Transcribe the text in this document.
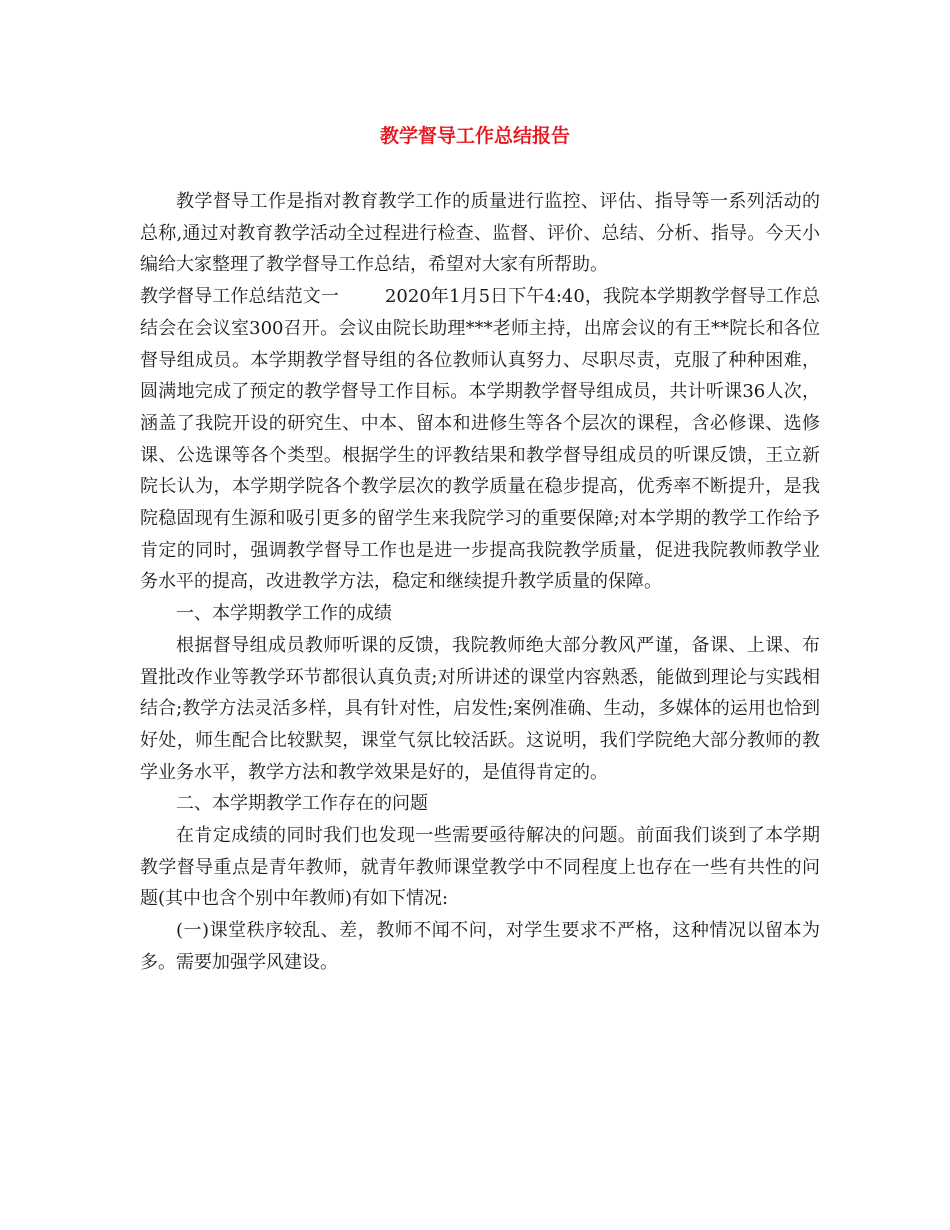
教学督导工作总结报告

教学督导工作是指对教育教学工作的质量进行监控、评估、指导等一系列活动的总称,通过对教育教学活动全过程进行检查、监督、评价、总结、分析、指导。今天小编给大家整理了教学督导工作总结，希望对大家有所帮助。

教学督导工作总结范文一	2020年1月5日下午4:40，我院本学期教学督导工作总结会在会议室300召开。会议由院长助理***老师主持，出席会议的有王**院长和各位督导组成员。本学期教学督导组的各位教师认真努力、尽职尽责，克服了种种困难，圆满地完成了预定的教学督导工作目标。本学期教学督导组成员，共计听课36人次，涵盖了我院开设的研究生、中本、留本和进修生等各个层次的课程，含必修课、选修课、公选课等各个类型。根据学生的评教结果和教学督导组成员的听课反馈，王立新院长认为，本学期学院各个教学层次的教学质量在稳步提高，优秀率不断提升，是我院稳固现有生源和吸引更多的留学生来我院学习的重要保障;对本学期的教学工作给予肯定的同时，强调教学督导工作也是进一步提高我院教学质量，促进我院教师教学业务水平的提高，改进教学方法，稳定和继续提升教学质量的保障。

一、本学期教学工作的成绩

根据督导组成员教师听课的反馈，我院教师绝大部分教风严谨，备课、上课、布置批改作业等教学环节都很认真负责;对所讲述的课堂内容熟悉，能做到理论与实践相结合;教学方法灵活多样，具有针对性，启发性;案例准确、生动，多媒体的运用也恰到好处，师生配合比较默契，课堂气氛比较活跃。这说明，我们学院绝大部分教师的教学业务水平，教学方法和教学效果是好的，是值得肯定的。

二、本学期教学工作存在的问题

在肯定成绩的同时我们也发现一些需要亟待解决的问题。前面我们谈到了本学期教学督导重点是青年教师，就青年教师课堂教学中不同程度上也存在一些有共性的问题(其中也含个别中年教师)有如下情况:

(一)课堂秩序较乱、差，教师不闻不问，对学生要求不严格，这种情况以留本为多。需要加强学风建设。
